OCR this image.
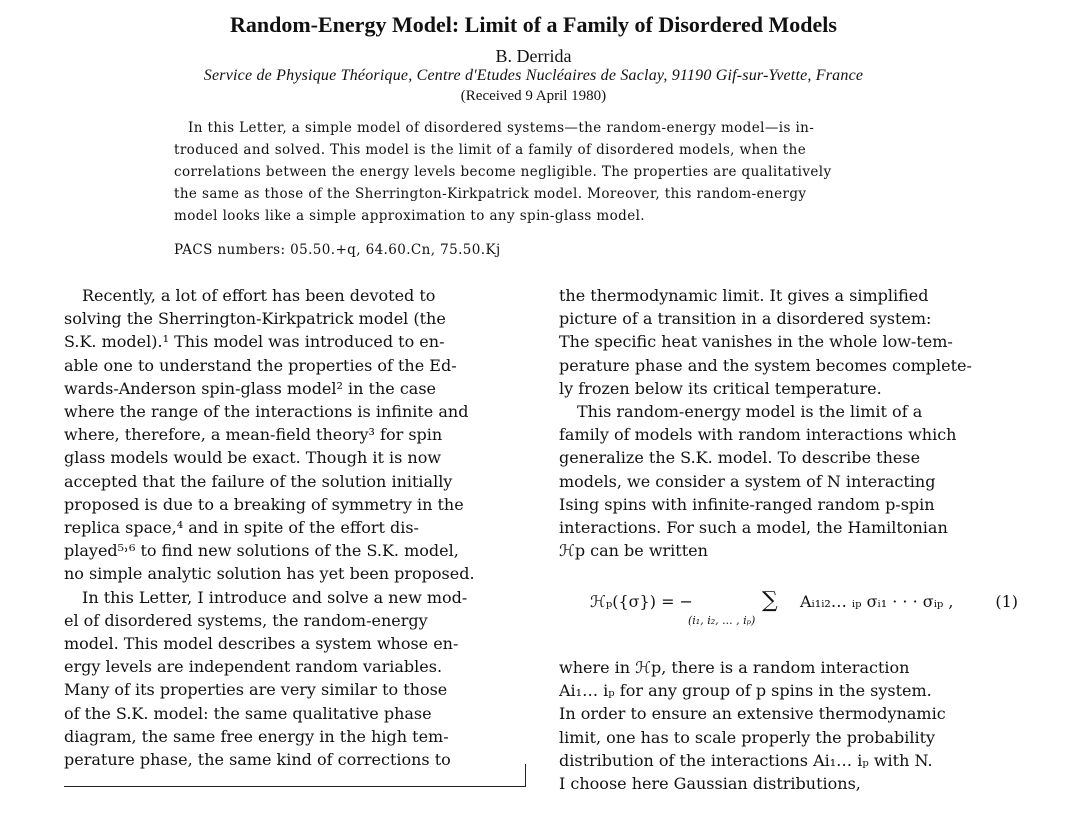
Random-Energy Model: Limit of a Family of Disordered Models
B. Derrida
Service de Physique Théorique, Centre d'Etudes Nucléaires de Saclay, 91190 Gif-sur-Yvette, France
(Received 9 April 1980)
In this Letter, a simple model of disordered systems—the random-energy model—is in-
troduced and solved. This model is the limit of a family of disordered models, when the
correlations between the energy levels become negligible. The properties are qualitatively
the same as those of the Sherrington-Kirkpatrick model. Moreover, this random-energy
model looks like a simple approximation to any spin-glass model.
PACS numbers: 05.50.+q, 64.60.Cn, 75.50.Kj
Recently, a lot of effort has been devoted to
solving the Sherrington-Kirkpatrick model (the
S.K. model).¹ This model was introduced to en-
able one to understand the properties of the Ed-
wards-Anderson spin-glass model² in the case
where the range of the interactions is infinite and
where, therefore, a mean-field theory³ for spin
glass models would be exact. Though it is now
accepted that the failure of the solution initially
proposed is due to a breaking of symmetry in the
replica space,⁴ and in spite of the effort dis-
played⁵˒⁶ to find new solutions of the S.K. model,
no simple analytic solution has yet been proposed.
In this Letter, I introduce and solve a new mod-
el of disordered systems, the random-energy
model. This model describes a system whose en-
ergy levels are independent random variables.
Many of its properties are very similar to those
of the S.K. model: the same qualitative phase
diagram, the same free energy in the high tem-
perature phase, the same kind of corrections to
the thermodynamic limit. It gives a simplified
picture of a transition in a disordered system:
The specific heat vanishes in the whole low-tem-
perature phase and the system becomes complete-
ly frozen below its critical temperature.
This random-energy model is the limit of a
family of models with random interactions which
generalize the S.K. model. To describe these
models, we consider a system of N interacting
Ising spins with infinite-ranged random p-spin
interactions. For such a model, the Hamiltonian
ℋp can be written
ℋₚ({σ}) = −	∑
(i₁, i₂, ... , iₚ)
Aᵢ₁ᵢ₂… ᵢₚ σᵢ₁ · · · σᵢₚ ,	(1)
where in ℋp, there is a random interaction
Ai₁… iₚ for any group of p spins in the system.
In order to ensure an extensive thermodynamic
limit, one has to scale properly the probability
distribution of the interactions Ai₁… iₚ with N.
I choose here Gaussian distributions,
